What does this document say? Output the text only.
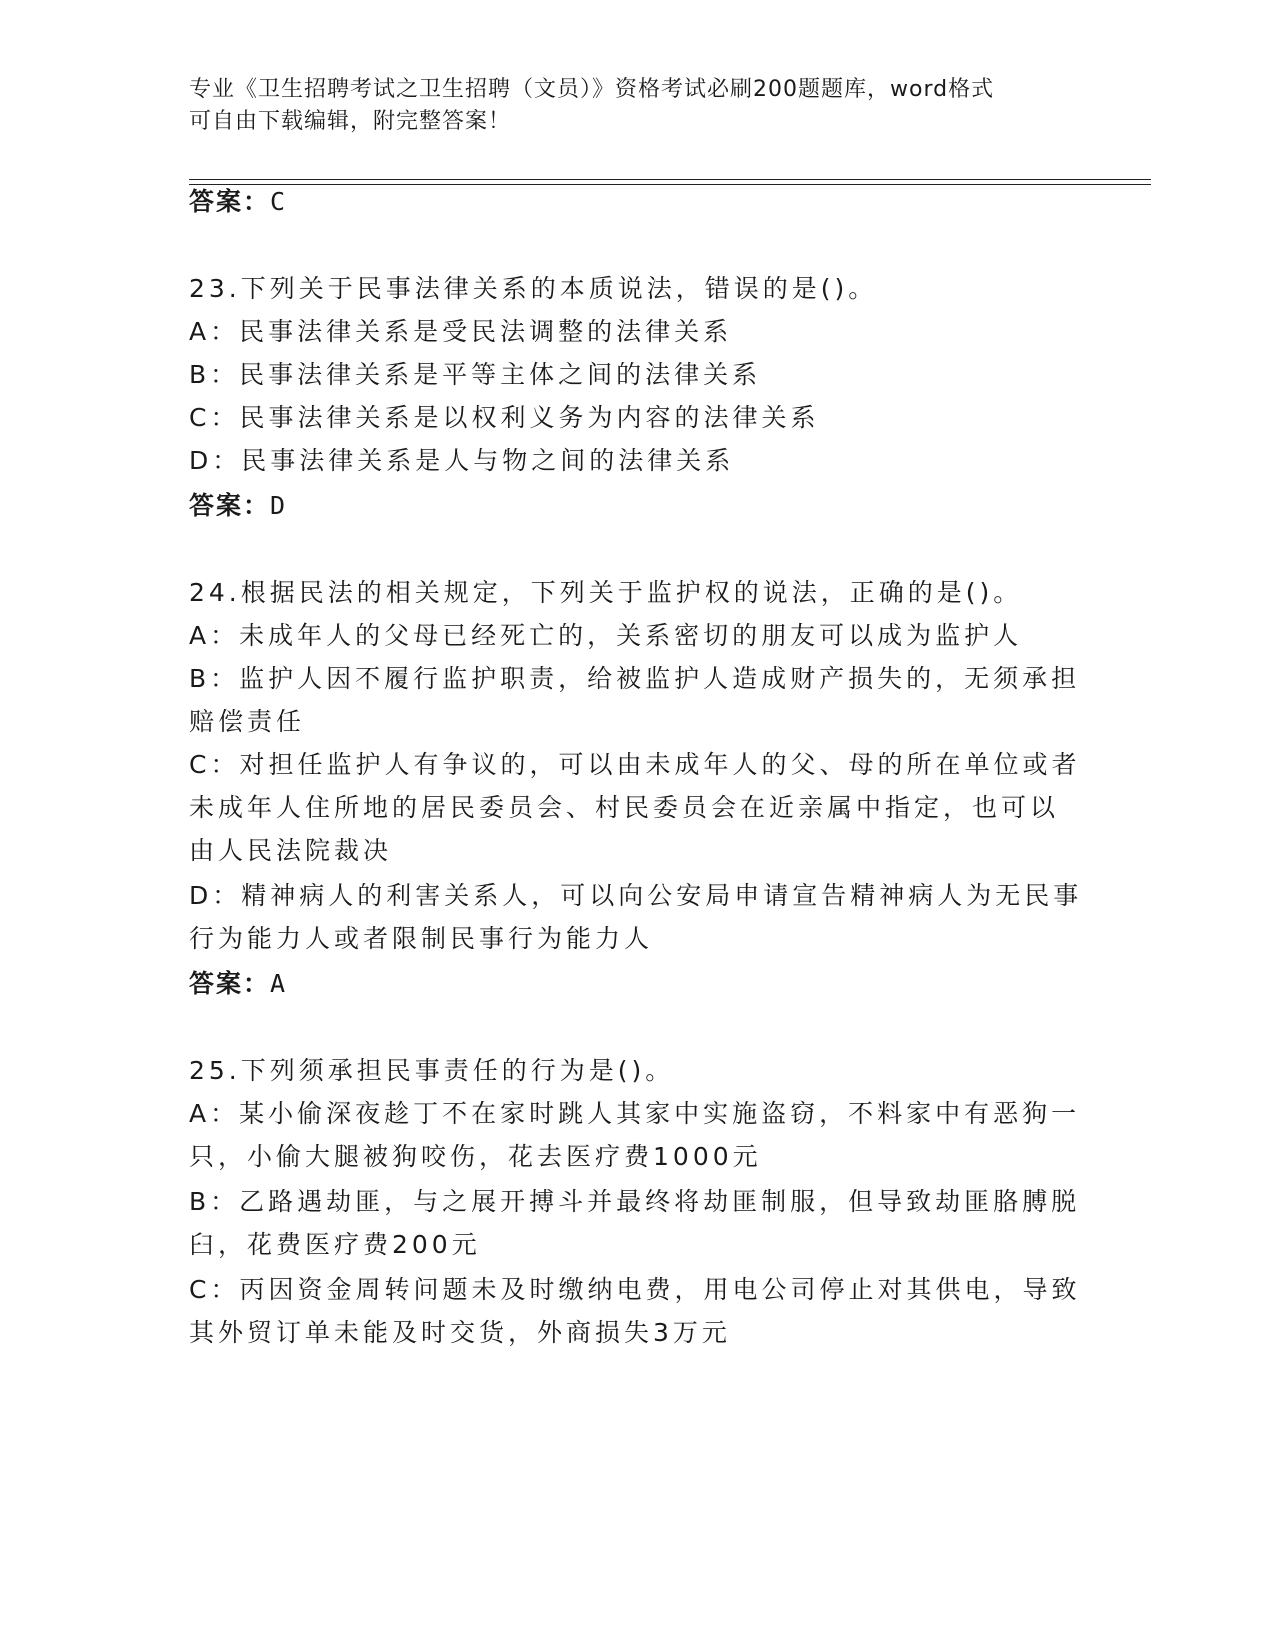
专业《卫生招聘考试之卫生招聘（文员）》资格考试必刷200题题库，word格式
可自由下载编辑，附完整答案！
答案：C
23.下列关于民事法律关系的本质说法，错误的是()。
A：民事法律关系是受民法调整的法律关系
B：民事法律关系是平等主体之间的法律关系
C：民事法律关系是以权利义务为内容的法律关系
D：民事法律关系是人与物之间的法律关系
答案：D
24.根据民法的相关规定，下列关于监护权的说法，正确的是()。
A：未成年人的父母已经死亡的，关系密切的朋友可以成为监护人
B：监护人因不履行监护职责，给被监护人造成财产损失的，无须承担
赔偿责任
C：对担任监护人有争议的，可以由未成年人的父、母的所在单位或者
未成年人住所地的居民委员会、村民委员会在近亲属中指定，也可以
由人民法院裁决
D：精神病人的利害关系人，可以向公安局申请宣告精神病人为无民事
行为能力人或者限制民事行为能力人
答案：A
25.下列须承担民事责任的行为是()。
A：某小偷深夜趁丁不在家时跳人其家中实施盗窃，不料家中有恶狗一
只，小偷大腿被狗咬伤，花去医疗费1000元
B：乙路遇劫匪，与之展开搏斗并最终将劫匪制服，但导致劫匪胳膊脱
臼，花费医疗费200元
C：丙因资金周转问题未及时缴纳电费，用电公司停止对其供电，导致
其外贸订单未能及时交货，外商损失3万元
